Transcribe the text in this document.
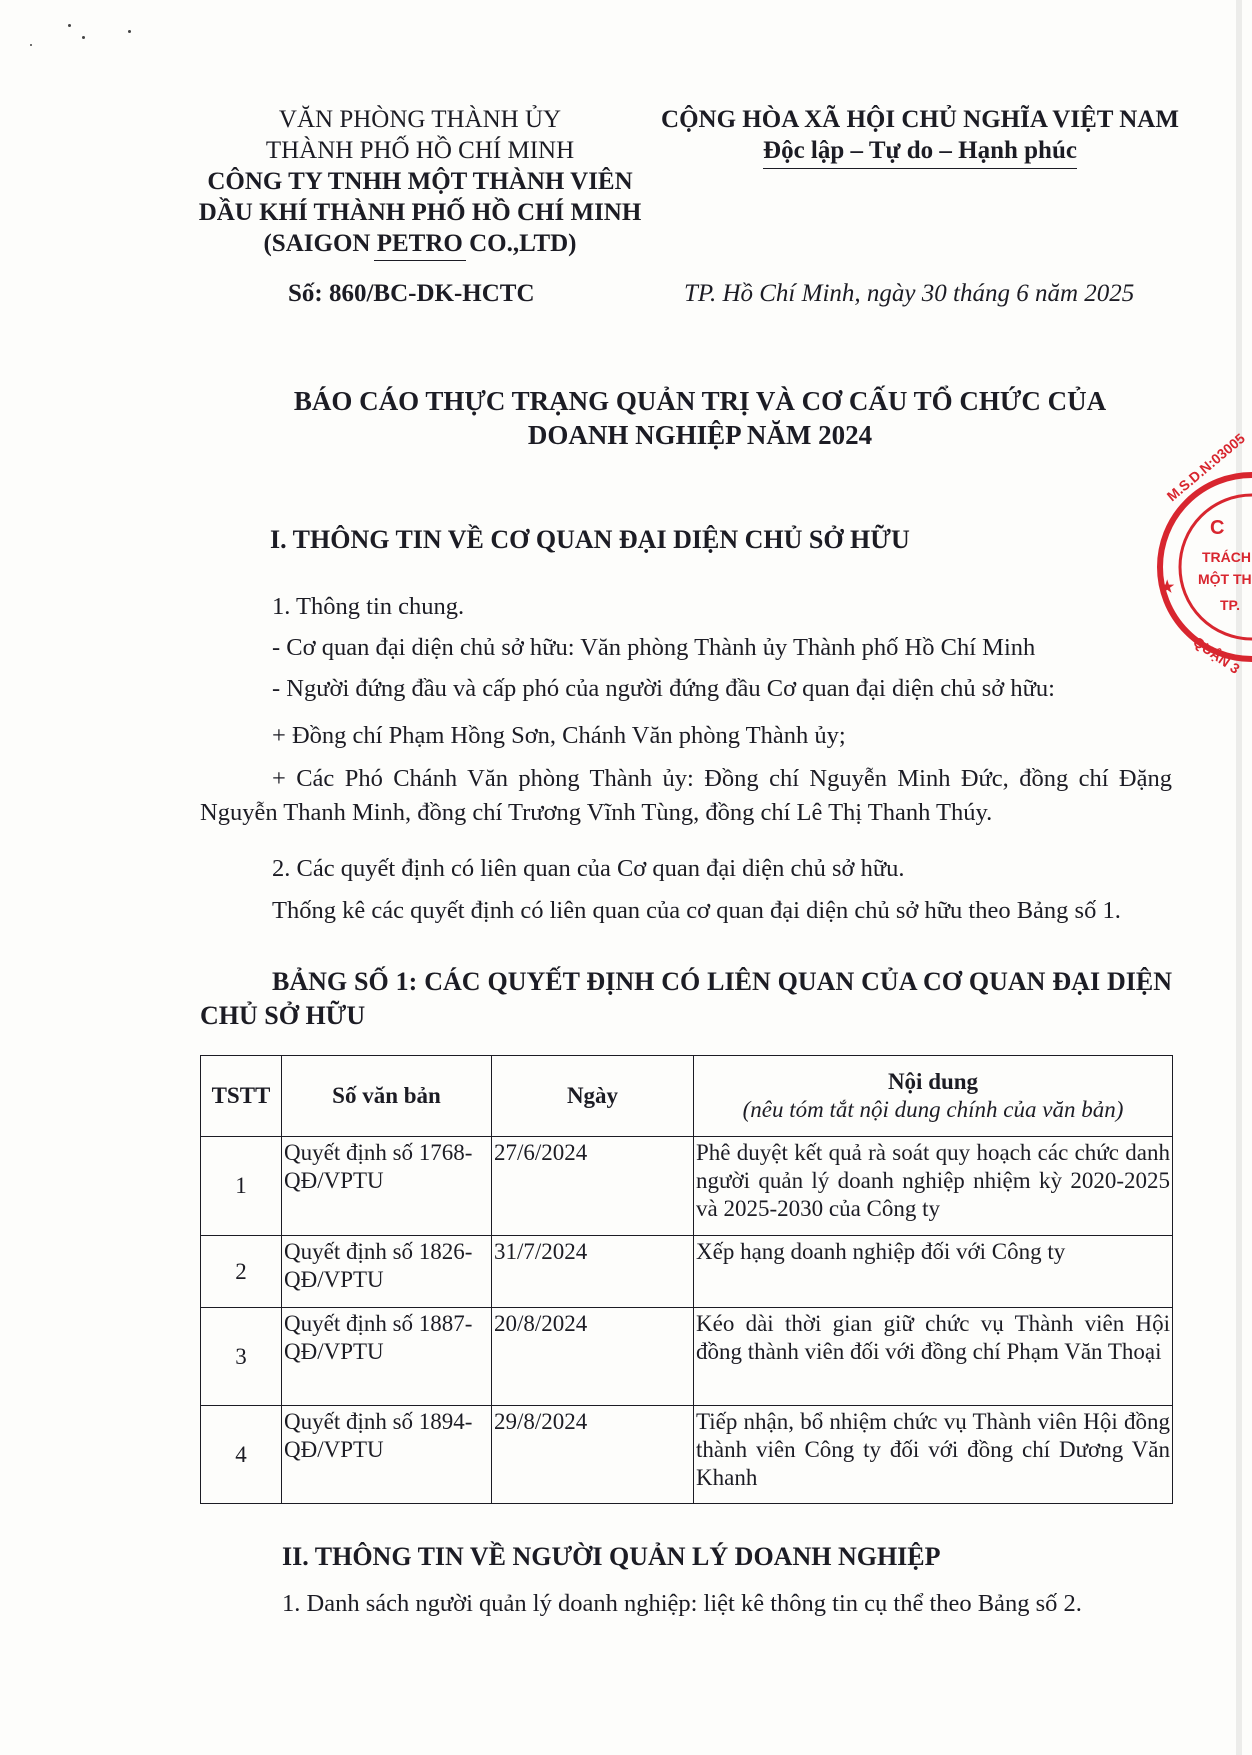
VĂN PHÒNG THÀNH ỦY
THÀNH PHỐ HỒ CHÍ MINH
CÔNG TY TNHH MỘT THÀNH VIÊN
DẦU KHÍ THÀNH PHỐ HỒ CHÍ MINH
(SAIGON PETRO CO.,LTD)
CỘNG HÒA XÃ HỘI CHỦ NGHĨA VIỆT NAM
Độc lập – Tự do – Hạnh phúc
Số: 860/BC-DK-HCTC	TP. Hồ Chí Minh, ngày 30 tháng 6 năm 2025
BÁO CÁO THỰC TRẠNG QUẢN TRỊ VÀ CƠ CẤU TỔ CHỨC CỦA
DOANH NGHIỆP NĂM 2024
I. THÔNG TIN VỀ CƠ QUAN ĐẠI DIỆN CHỦ SỞ HỮU
1. Thông tin chung.
- Cơ quan đại diện chủ sở hữu: Văn phòng Thành ủy Thành phố Hồ Chí Minh
- Người đứng đầu và cấp phó của người đứng đầu Cơ quan đại diện chủ sở hữu:
+ Đồng chí Phạm Hồng Sơn, Chánh Văn phòng Thành ủy;
+ Các Phó Chánh Văn phòng Thành ủy: Đồng chí Nguyễn Minh Đức, đồng chí Đặng Nguyễn Thanh Minh, đồng chí Trương Vĩnh Tùng, đồng chí Lê Thị Thanh Thúy.
2. Các quyết định có liên quan của Cơ quan đại diện chủ sở hữu.
Thống kê các quyết định có liên quan của cơ quan đại diện chủ sở hữu theo Bảng số 1.
BẢNG SỐ 1: CÁC QUYẾT ĐỊNH CÓ LIÊN QUAN CỦA CƠ QUAN ĐẠI DIỆN CHỦ SỞ HỮU
TSTT	Số văn bản	Ngày	Nội dung
(nêu tóm tắt nội dung chính của văn bản)

1	Quyết định số 1768-QĐ/VPTU	27/6/2024	Phê duyệt kết quả rà soát quy hoạch các chức danh người quản lý doanh nghiệp nhiệm kỳ 2020-2025 và 2025-2030 của Công ty
2	Quyết định số 1826-QĐ/VPTU	31/7/2024	Xếp hạng doanh nghiệp đối với Công ty
3	Quyết định số 1887-QĐ/VPTU	20/8/2024	Kéo dài thời gian giữ chức vụ Thành viên Hội đồng thành viên đối với đồng chí Phạm Văn Thoại
4	Quyết định số 1894-QĐ/VPTU	29/8/2024	Tiếp nhận, bổ nhiệm chức vụ Thành viên Hội đồng thành viên Công ty đối với đồng chí Dương Văn Khanh
II. THÔNG TIN VỀ NGƯỜI QUẢN LÝ DOANH NGHIỆP
1. Danh sách người quản lý doanh nghiệp: liệt kê thông tin cụ thể theo Bảng số 2.
M.S.D.N:03005
C
TRÁCH
MỘT TH
TP.
★
QUẬN 3
